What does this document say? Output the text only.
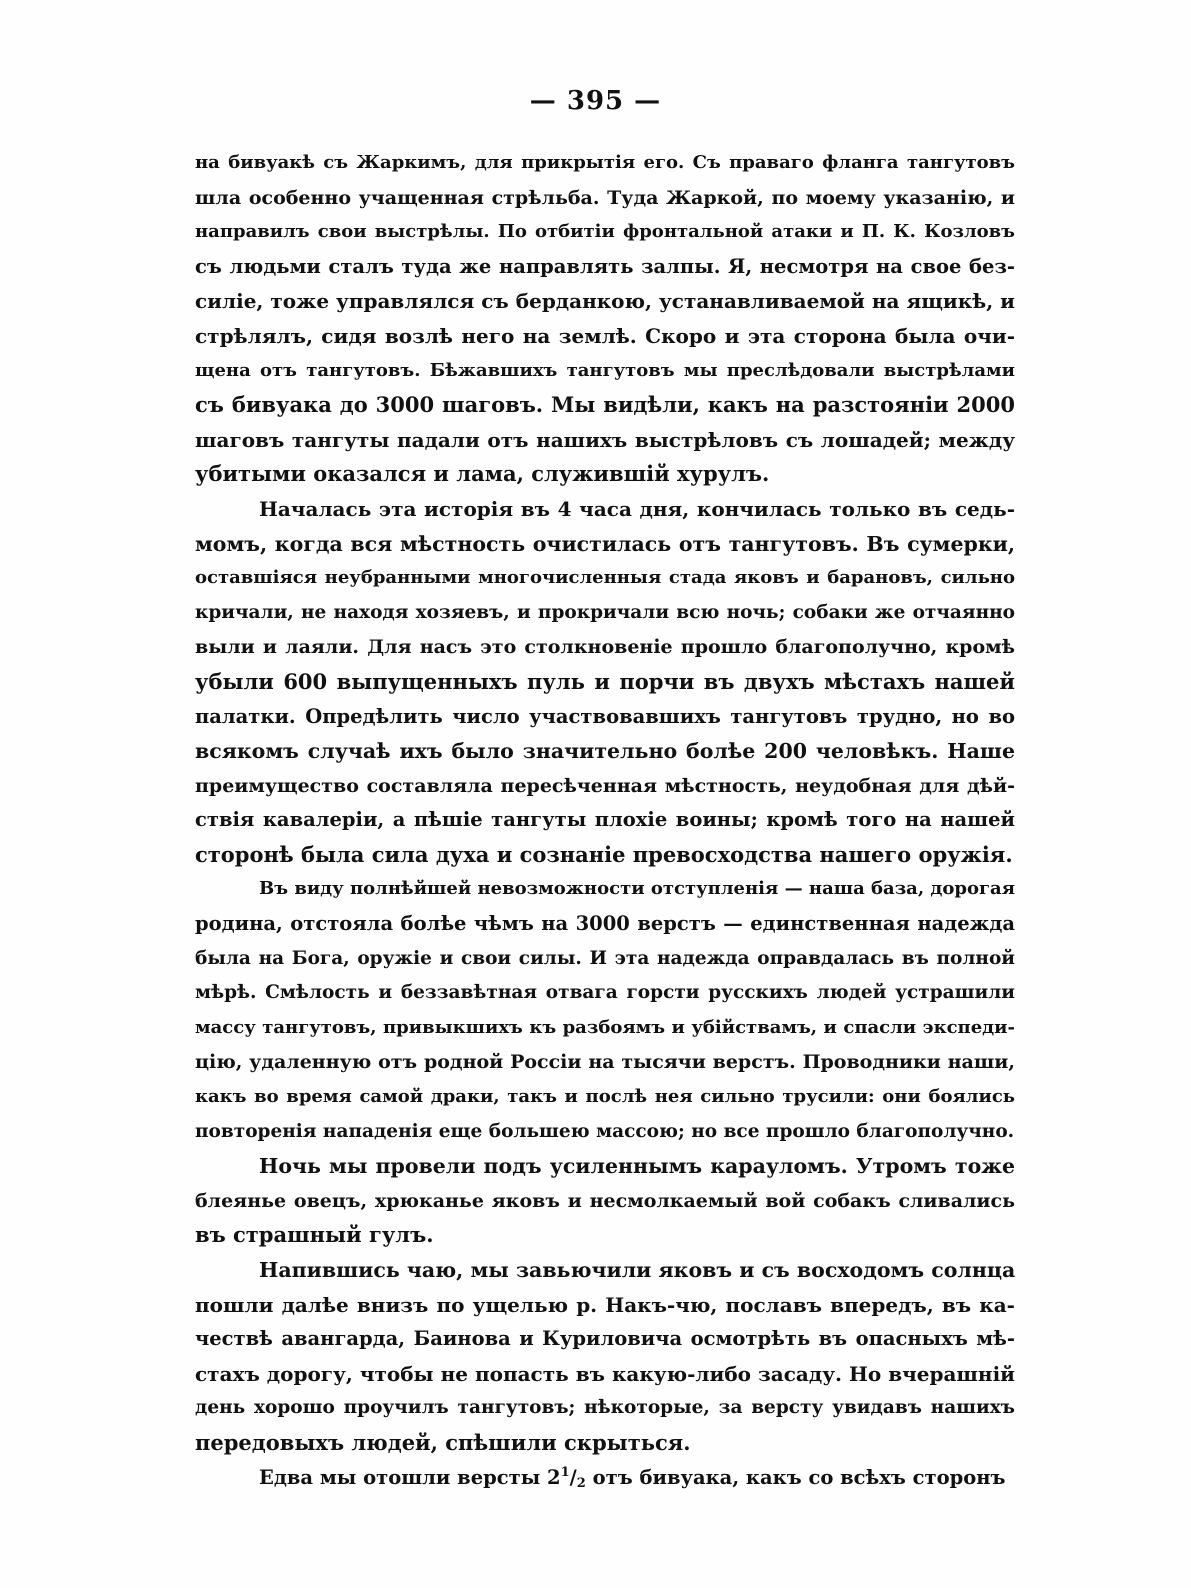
— 395 —
на бивуакѣ съ Жаркимъ, для прикрытія его. Съ праваго фланга тангутовъ
шла особенно учащенная стрѣльба. Туда Жаркой, по моему указанію, и
направилъ свои выстрѣлы. По отбитіи фронтальной атаки и П. К. Козловъ
съ людьми сталъ туда же направлять залпы. Я, несмотря на свое без-
силіе, тоже управлялся съ берданкою, устанавливаемой на ящикѣ, и
стрѣлялъ, сидя возлѣ него на землѣ. Скоро и эта сторона была очи-
щена отъ тангутовъ. Бѣжавшихъ тангутовъ мы преслѣдовали выстрѣлами
съ бивуака до 3000 шаговъ. Мы видѣли, какъ на разстояніи 2000
шаговъ тангуты падали отъ нашихъ выстрѣловъ съ лошадей; между
убитыми оказался и лама, служившій хурулъ.
Началась эта исторія въ 4 часа дня, кончилась только въ седь-
момъ, когда вся мѣстность очистилась отъ тангутовъ. Въ сумерки,
оставшіяся неубранными многочисленныя стада яковъ и барановъ, сильно
кричали, не находя хозяевъ, и прокричали всю ночь; собаки же отчаянно
выли и лаяли. Для насъ это столкновеніе прошло благополучно, кромѣ
убыли 600 выпущенныхъ пуль и порчи въ двухъ мѣстахъ нашей
палатки. Опредѣлить число участвовавшихъ тангутовъ трудно, но во
всякомъ случаѣ ихъ было значительно болѣе 200 человѣкъ. Наше
преимущество составляла пересѣченная мѣстность, неудобная для дѣй-
ствія кавалеріи, а пѣшіе тангуты плохіе воины; кромѣ того на нашей
сторонѣ была сила духа и сознаніе превосходства нашего оружія.
Въ виду полнѣйшей невозможности отступленія — наша база, дорогая
родина, отстояла болѣе чѣмъ на 3000 верстъ — единственная надежда
была на Бога, оружіе и свои силы. И эта надежда оправдалась въ полной
мѣрѣ. Смѣлость и беззавѣтная отвага горсти русскихъ людей устрашили
массу тангутовъ, привыкшихъ къ разбоямъ и убійствамъ, и спасли экспеди-
цію, удаленную отъ родной Россіи на тысячи верстъ. Проводники наши,
какъ во время самой драки, такъ и послѣ нея сильно трусили: они боялись
повторенія нападенія еще большею массою; но все прошло благополучно.
Ночь мы провели подъ усиленнымъ карауломъ. Утромъ тоже
блеянье овецъ, хрюканье яковъ и несмолкаемый вой собакъ сливались
въ страшный гулъ.
Напившись чаю, мы завьючили яковъ и съ восходомъ солнца
пошли далѣе внизъ по ущелью р. Накъ-чю, пославъ впередъ, въ ка-
чествѣ авангарда, Баинова и Куриловича осмотрѣть въ опасныхъ мѣ-
стахъ дорогу, чтобы не попасть въ какую-либо засаду. Но вчерашній
день хорошо проучилъ тангутовъ; нѣкоторые, за версту увидавъ нашихъ
передовыхъ людей, спѣшили скрыться.
Едва мы отошли версты $2^1/_2$ отъ бивуака, какъ со всѣхъ сторонъ
